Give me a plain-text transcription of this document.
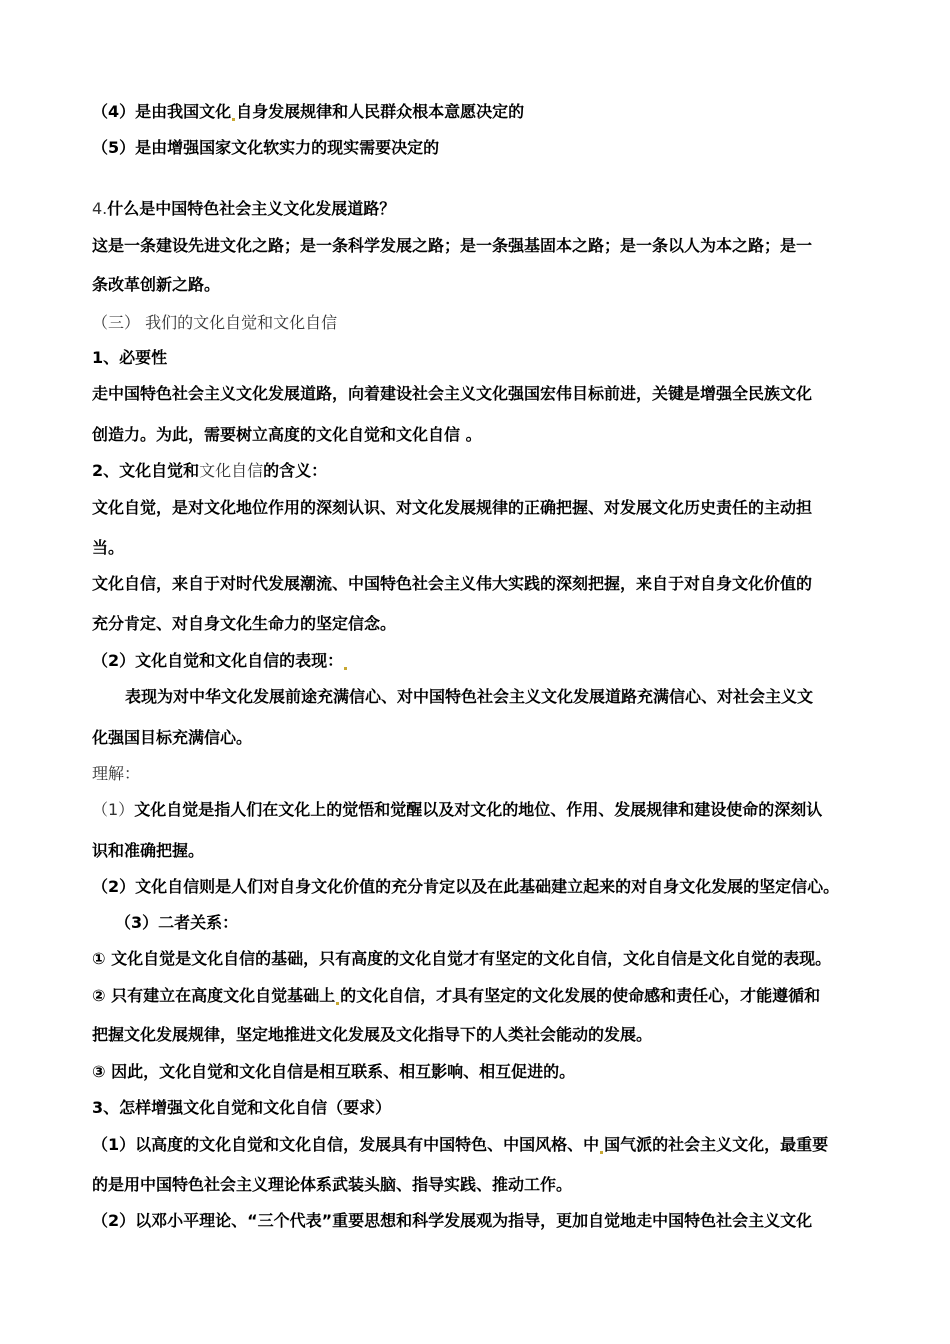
（4）是由我国文化 自身发展规律和人民群众根本意愿决定的
（5）是由增强国家文化软实力的现实需要决定的
4.什么是中国特色社会主义文化发展道路？
这是一条建设先进文化之路；是一条科学发展之路；是一条强基固本之路；是一条以人为本之路；是一
条改革创新之路。
（三） 我们的文化自觉和文化自信
1、必要性
走中国特色社会主义文化发展道路，向着建设社会主义文化强国宏伟目标前进，关键是增强全民族文化
创造力。为此，需要树立高度的文化自觉和文化自信 。
2、文化自觉和文化自信的含义：
文化自觉，是对文化地位作用的深刻认识、对文化发展规律的正确把握、对发展文化历史责任的主动担
当。
文化自信，来自于对时代发展潮流、中国特色社会主义伟大实践的深刻把握，来自于对自身文化价值的
充分肯定、对自身文化生命力的坚定信念。
（2）文化自觉和文化自信的表现：
表现为对中华文化发展前途充满信心、对中国特色社会主义文化发展道路充满信心、对社会主义文
化强国目标充满信心。
理解：
（1）文化自觉是指人们在文化上的觉悟和觉醒以及对文化的地位、作用、发展规律和建设使命的深刻认
识和准确把握。
（2）文化自信则是人们对自身文化价值的充分肯定以及在此基础建立起来的对自身文化发展的坚定信心。
（3）二者关系：
① 文化自觉是文化自信的基础，只有高度的文化自觉才有坚定的文化自信，文化自信是文化自觉的表现。
② 只有建立在高度文化自觉基础上 的文化自信，才具有坚定的文化发展的使命感和责任心，才能遵循和
把握文化发展规律，坚定地推进文化发展及文化指导下的人类社会能动的发展。
③ 因此，文化自觉和文化自信是相互联系、相互影响、相互促进的。
3、怎样增强文化自觉和文化自信（要求）
（1）以高度的文化自觉和文化自信，发展具有中国特色、中国风格、中 国气派的社会主义文化，最重要
的是用中国特色社会主义理论体系武装头脑、指导实践、推动工作。
（2）以邓小平理论、“三个代表”重要思想和科学发展观为指导，更加自觉地走中国特色社会主义文化
